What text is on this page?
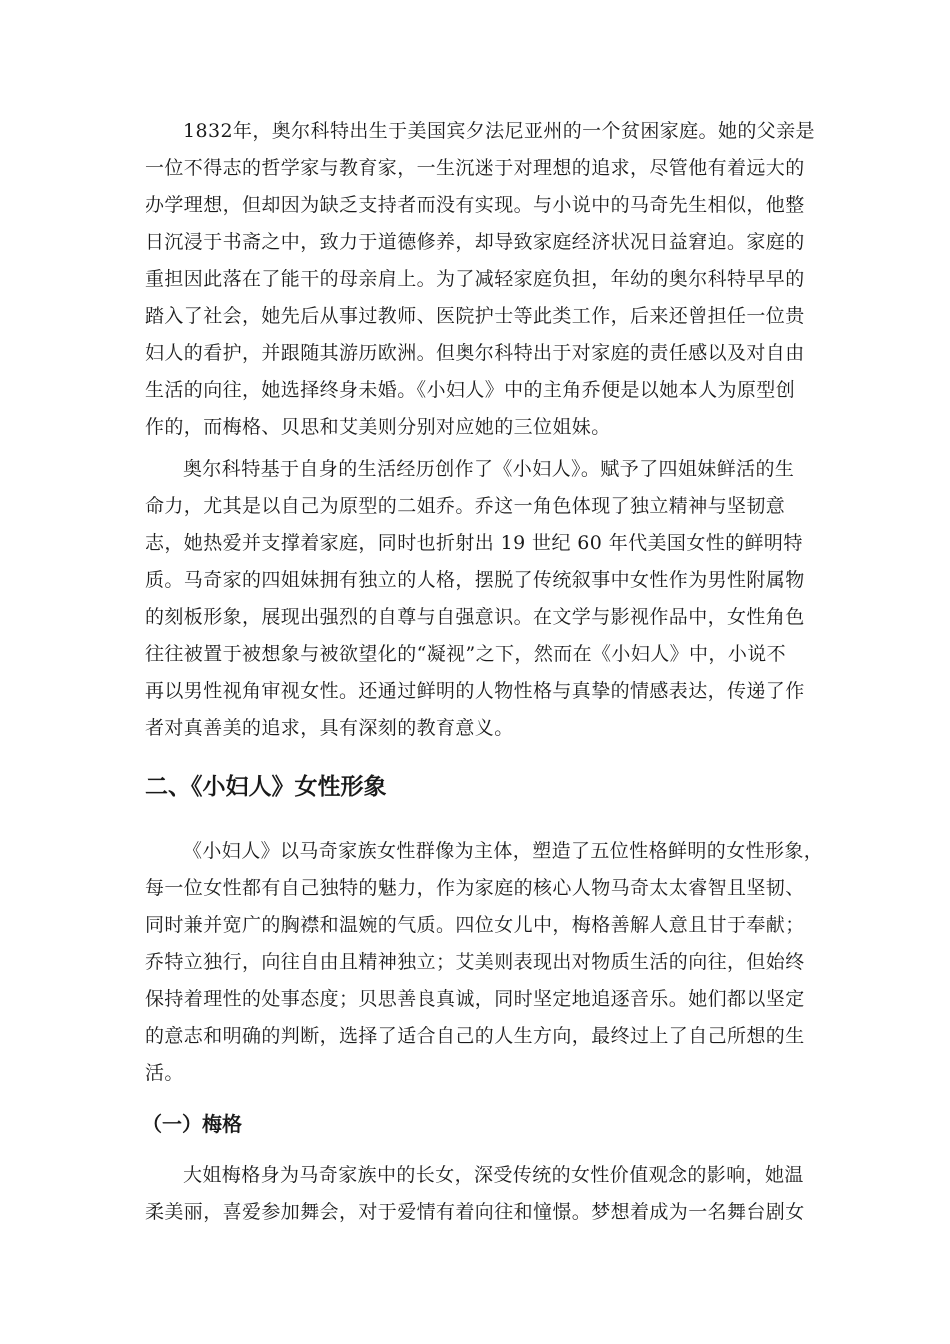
1832年，奥尔科特出生于美国宾夕法尼亚州的一个贫困家庭。她的父亲是
一位不得志的哲学家与教育家，一生沉迷于对理想的追求，尽管他有着远大的
办学理想，但却因为缺乏支持者而没有实现。与小说中的马奇先生相似，他整
日沉浸于书斋之中，致力于道德修养，却导致家庭经济状况日益窘迫。家庭的
重担因此落在了能干的母亲肩上。为了减轻家庭负担，年幼的奥尔科特早早的
踏入了社会，她先后从事过教师、医院护士等此类工作，后来还曾担任一位贵
妇人的看护，并跟随其游历欧洲。但奥尔科特出于对家庭的责任感以及对自由
生活的向往，她选择终身未婚。《小妇人》中的主角乔便是以她本人为原型创
作的，而梅格、贝思和艾美则分别对应她的三位姐妹。
奥尔科特基于自身的生活经历创作了《小妇人》。赋予了四姐妹鲜活的生
命力，尤其是以自己为原型的二姐乔。乔这一角色体现了独立精神与坚韧意
志，她热爱并支撑着家庭，同时也折射出 19 世纪 60 年代美国女性的鲜明特
质。马奇家的四姐妹拥有独立的人格，摆脱了传统叙事中女性作为男性附属物
的刻板形象，展现出强烈的自尊与自强意识。在文学与影视作品中，女性角色
往往被置于被想象与被欲望化的“凝视”之下，然而在《小妇人》中，小说不
再以男性视角审视女性。还通过鲜明的人物性格与真挚的情感表达，传递了作
者对真善美的追求，具有深刻的教育意义。
二、《小妇人》女性形象
《小妇人》以马奇家族女性群像为主体，塑造了五位性格鲜明的女性形象，
每一位女性都有自己独特的魅力，作为家庭的核心人物马奇太太睿智且坚韧、
同时兼并宽广的胸襟和温婉的气质。四位女儿中，梅格善解人意且甘于奉献；
乔特立独行，向往自由且精神独立；艾美则表现出对物质生活的向往，但始终
保持着理性的处事态度；贝思善良真诚，同时坚定地追逐音乐。她们都以坚定
的意志和明确的判断，选择了适合自己的人生方向，最终过上了自己所想的生
活。
（一）梅格
大姐梅格身为马奇家族中的长女，深受传统的女性价值观念的影响，她温
柔美丽，喜爱参加舞会，对于爱情有着向往和憧憬。梦想着成为一名舞台剧女
